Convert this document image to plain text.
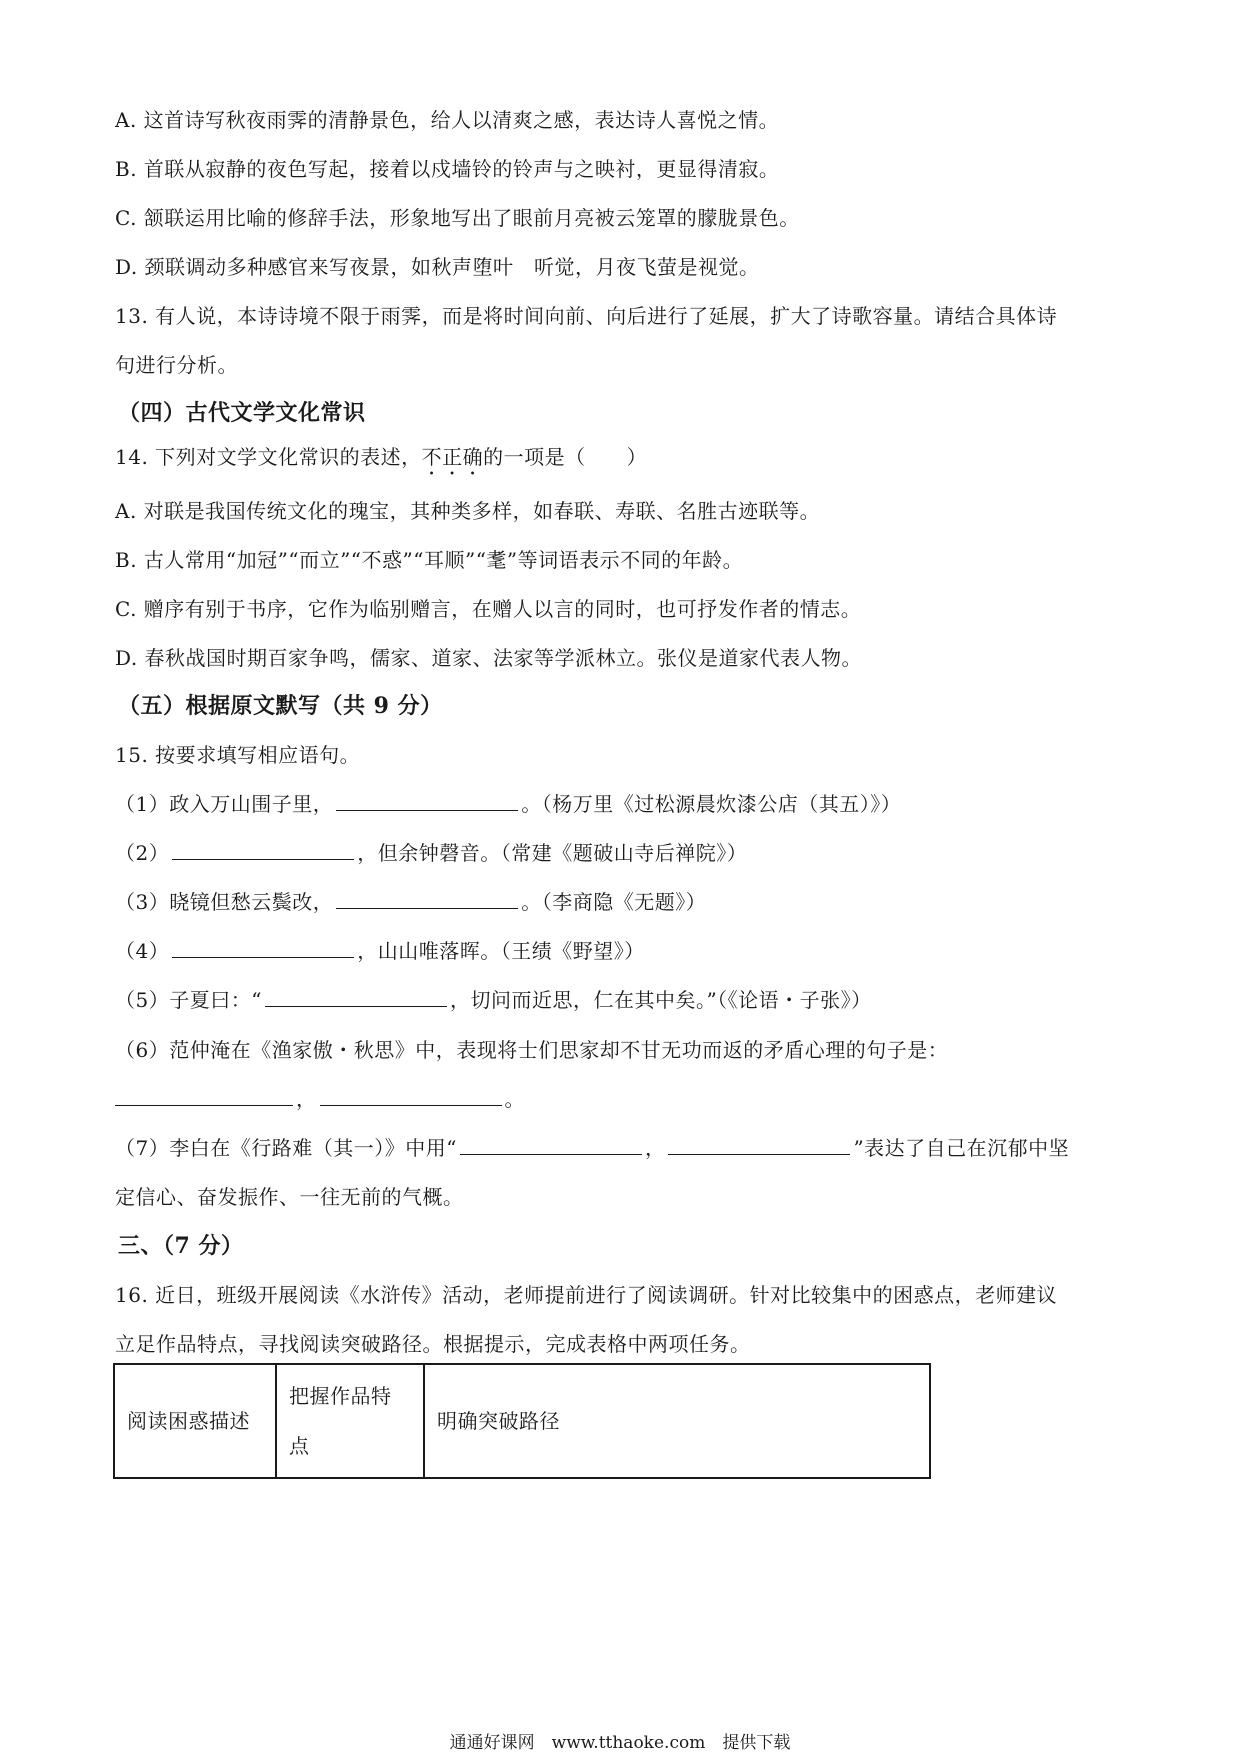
A. 这首诗写秋夜雨霁的清静景色，给人以清爽之感，表达诗人喜悦之情。
B. 首联从寂静的夜色写起，接着以戍墙铃的铃声与之映衬，更显得清寂。
C. 颔联运用比喻的修辞手法，形象地写出了眼前月亮被云笼罩的朦胧景色。
D. 颈联调动多种感官来写夜景，如秋声堕叶　听觉，月夜飞萤是视觉。
13. 有人说，本诗诗境不限于雨霁，而是将时间向前、向后进行了延展，扩大了诗歌容量。请结合具体诗
句进行分析。
（四）古代文学文化常识
14. 下列对文学文化常识的表述，不正确的一项是（　　）
A. 对联是我国传统文化的瑰宝，其种类多样，如春联、寿联、名胜古迹联等。
B. 古人常用“加冠”“而立”“不惑”“耳顺”“耄”等词语表示不同的年龄。
C. 赠序有别于书序，它作为临别赠言，在赠人以言的同时，也可抒发作者的情志。
D. 春秋战国时期百家争鸣，儒家、道家、法家等学派林立。张仪是道家代表人物。
（五）根据原文默写（共 9 分）
15. 按要求填写相应语句。
（1）政入万山围子里，	。（杨万里《过松源晨炊漆公店（其五）》）
（2）	，但余钟磬音。（常建《题破山寺后禅院》）
（3）晓镜但愁云鬓改，	。（李商隐《无题》）
（4）	，山山唯落晖。（王绩《野望》）
（5）子夏曰：“	，切问而近思，仁在其中矣。”（《论语・子张》）
（6）范仲淹在《渔家傲・秋思》中，表现将士们思家却不甘无功而返的矛盾心理的句子是：
，	。
（7）李白在《行路难（其一）》中用“	，	”表达了自己在沉郁中坚
定信心、奋发振作、一往无前的气概。
三、（7 分）
16. 近日，班级开展阅读《水浒传》活动，老师提前进行了阅读调研。针对比较集中的困惑点，老师建议
立足作品特点，寻找阅读突破路径。根据提示，完成表格中两项任务。
阅读困惑描述	把握作品特点	明确突破路径
通通好课网　www.tthaoke.com　提供下载
